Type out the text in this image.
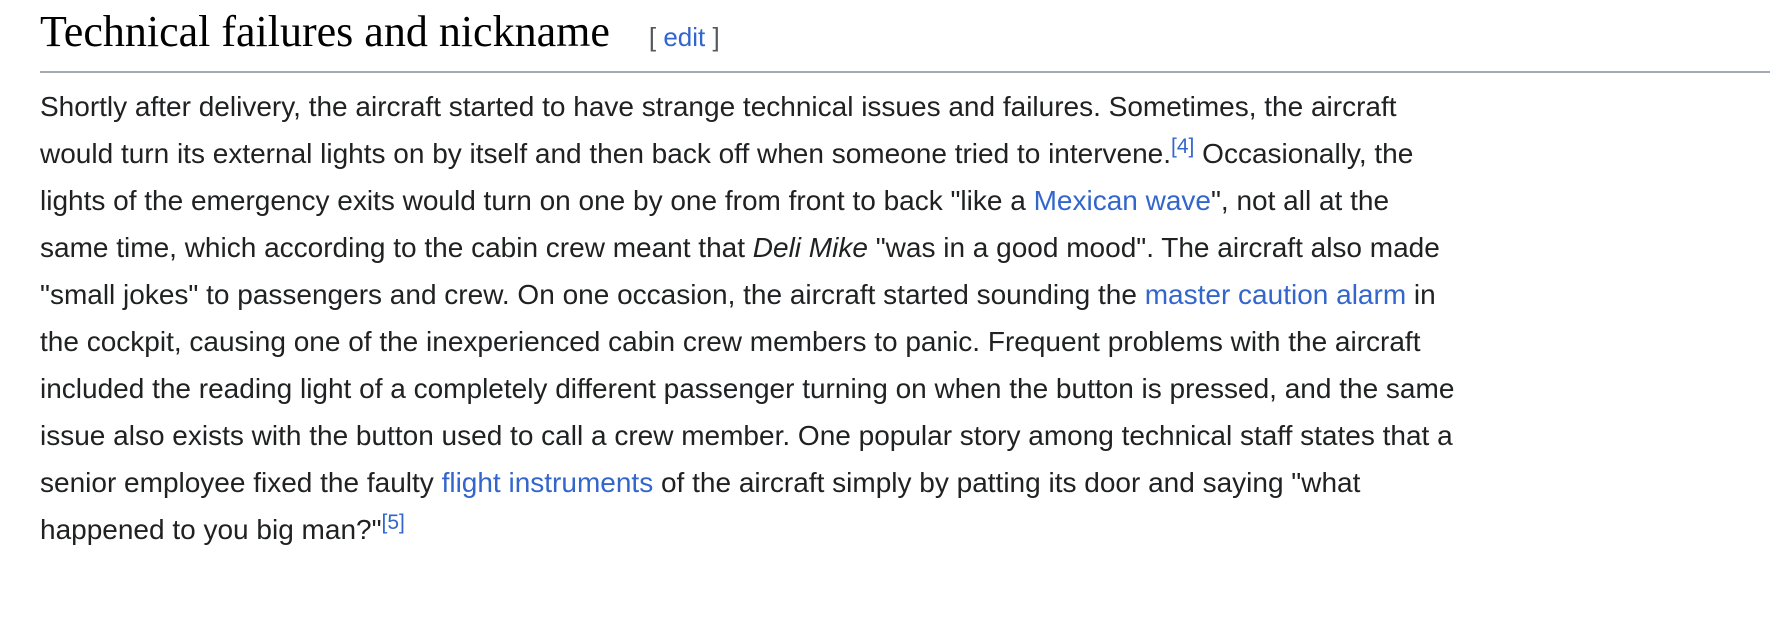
Technical failures and nickname [ edit ]
Shortly after delivery, the aircraft started to have strange technical issues and failures. Sometimes, the aircraft
would turn its external lights on by itself and then back off when someone tried to intervene.[4] Occasionally, the
lights of the emergency exits would turn on one by one from front to back "like a Mexican wave", not all at the
same time, which according to the cabin crew meant that Deli Mike "was in a good mood". The aircraft also made
"small jokes" to passengers and crew. On one occasion, the aircraft started sounding the master caution alarm in
the cockpit, causing one of the inexperienced cabin crew members to panic. Frequent problems with the aircraft
included the reading light of a completely different passenger turning on when the button is pressed, and the same
issue also exists with the button used to call a crew member. One popular story among technical staff states that a
senior employee fixed the faulty flight instruments of the aircraft simply by patting its door and saying "what
happened to you big man?"[5]
